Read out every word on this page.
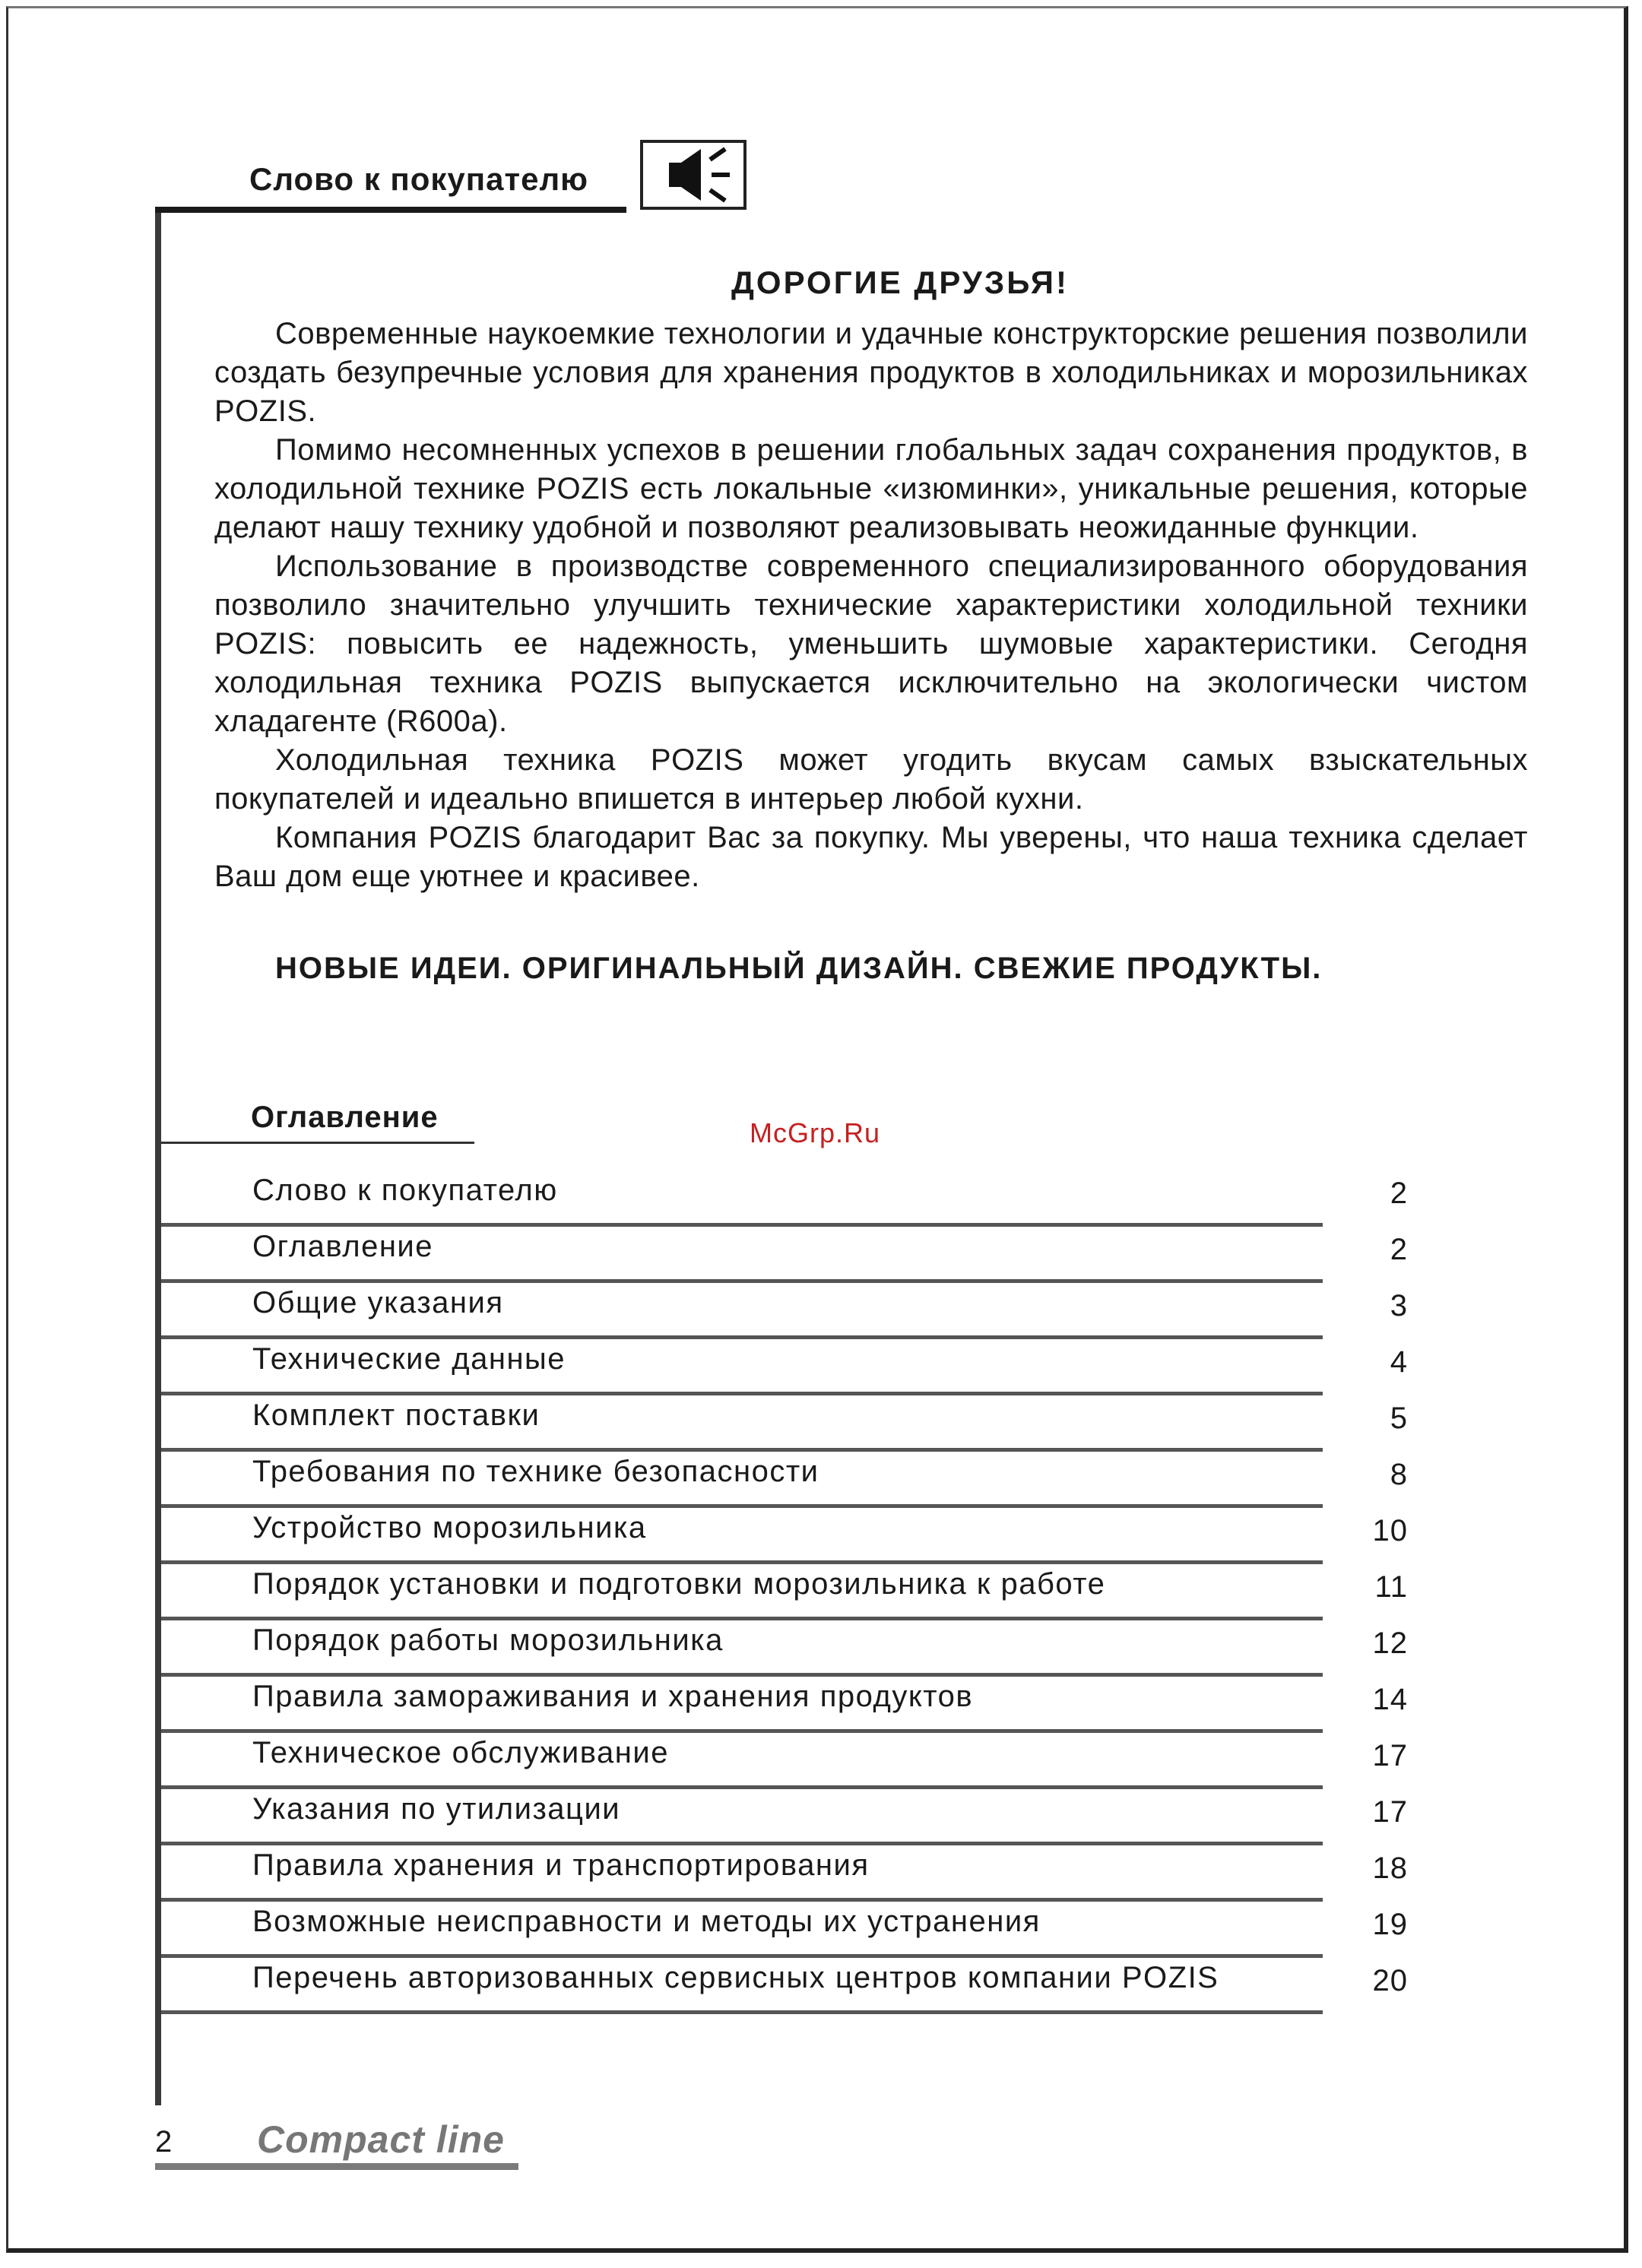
Слово к покупателю
ДОРОГИЕ ДРУЗЬЯ!

Современные наукоемкие технологии и удачные конструкторские решения позволили создать безупречные условия для хранения продуктов в холодильниках и морозильниках POZIS.

Помимо несомненных успехов в решении глобальных задач сохранения продуктов, в холодильной технике POZIS есть локальные «изюминки», уникальные решения, которые делают нашу технику удобной и позволяют реализовывать неожиданные функции.

Использование в производстве современного специализированного оборудования позволило значительно улучшить технические характеристики холодильной техники POZIS: повысить ее надежность, уменьшить шумовые характеристики. Сегодня холодильная техника POZIS выпускается исключительно на экологически чистом хладагенте (R600a).

Холодильная техника POZIS может угодить вкусам самых взыскательных покупателей и идеально впишется в интерьер любой кухни.

Компания POZIS благодарит Вас за покупку. Мы уверены, что наша техника сделает Ваш дом еще уютнее и красивее.

НОВЫЕ ИДЕИ. ОРИГИНАЛЬНЫЙ ДИЗАЙН. СВЕЖИЕ ПРОДУКТЫ.
Оглавление	McGrp.Ru
Слово к покупателю	2
Оглавление	2
Общие указания	3
Технические данные	4
Комплект поставки	5
Требования по технике безопасности	8
Устройство морозильника	10
Порядок установки и подготовки морозильника к работе	11
Порядок работы морозильника	12
Правила замораживания и хранения продуктов	14
Техническое обслуживание	17
Указания по утилизации	17
Правила хранения и транспортирования	18
Возможные неисправности и методы их устранения	19
Перечень авторизованных сервисных центров компании POZIS	20
2 Compact line
